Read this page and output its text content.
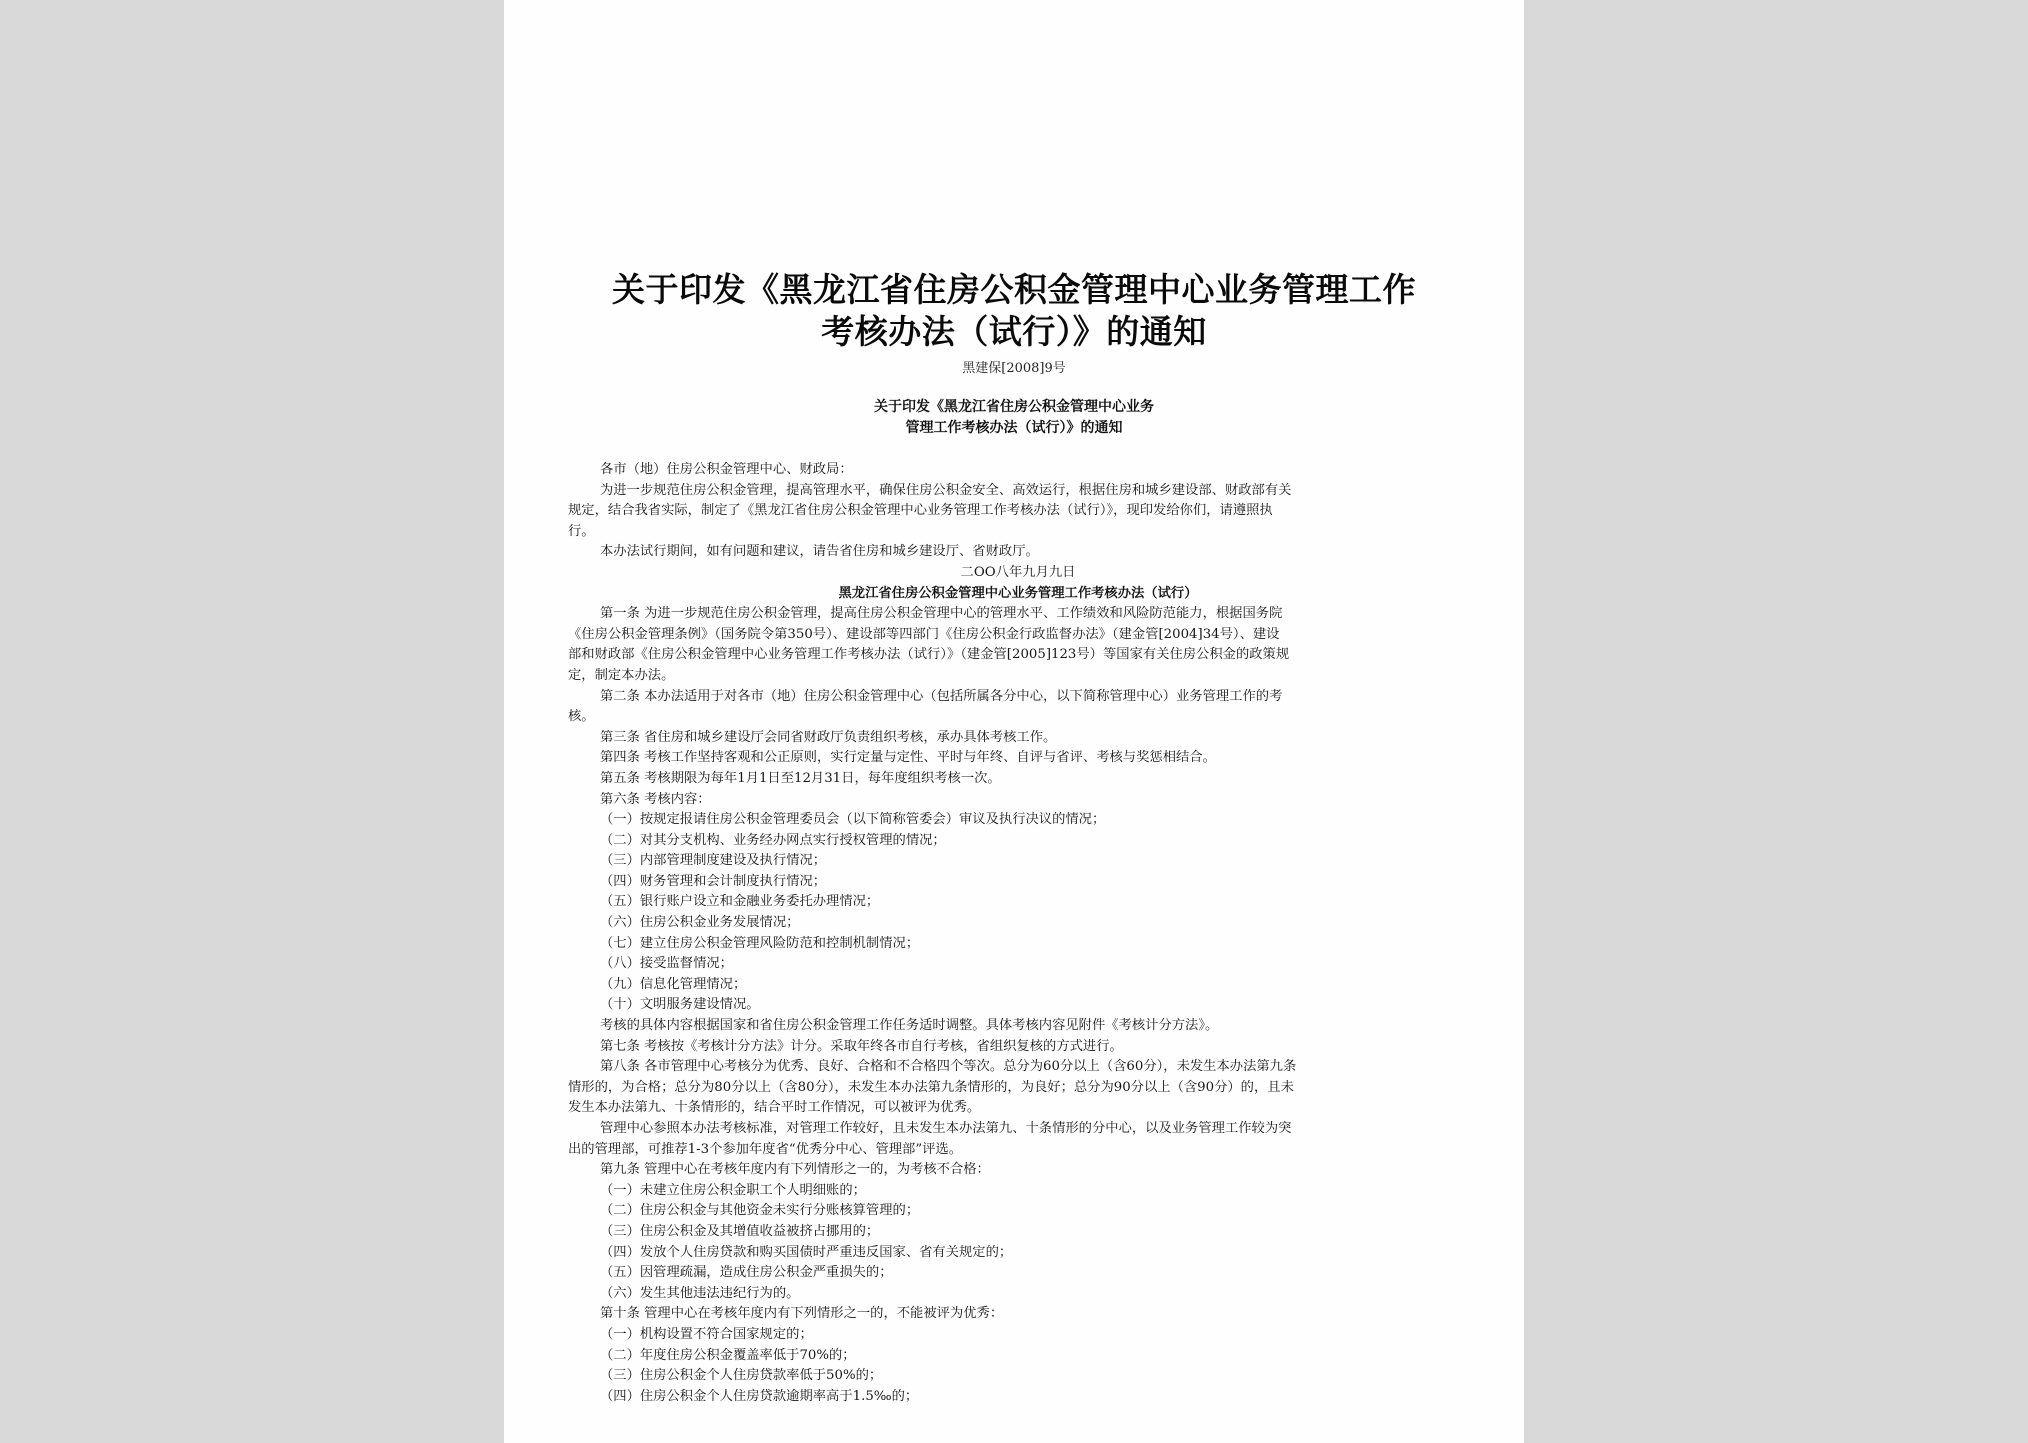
关于印发《黑龙江省住房公积金管理中心业务管理工作
考核办法（试行）》的通知
黑建保[2008]9号
关于印发《黑龙江省住房公积金管理中心业务
管理工作考核办法（试行）》的通知
各市（地）住房公积金管理中心、财政局：
为进一步规范住房公积金管理，提高管理水平，确保住房公积金安全、高效运行，根据住房和城乡建设部、财政部有关
规定，结合我省实际，制定了《黑龙江省住房公积金管理中心业务管理工作考核办法（试行）》，现印发给你们，请遵照执
行。
本办法试行期间，如有问题和建议，请告省住房和城乡建设厅、省财政厅。
二OO八年九月九日
黑龙江省住房公积金管理中心业务管理工作考核办法（试行）
第一条 为进一步规范住房公积金管理，提高住房公积金管理中心的管理水平、工作绩效和风险防范能力，根据国务院
《住房公积金管理条例》（国务院令第350号）、建设部等四部门《住房公积金行政监督办法》（建金管[2004]34号）、建设
部和财政部《住房公积金管理中心业务管理工作考核办法（试行）》（建金管[2005]123号）等国家有关住房公积金的政策规
定，制定本办法。
第二条 本办法适用于对各市（地）住房公积金管理中心（包括所属各分中心，以下简称管理中心）业务管理工作的考
核。
第三条 省住房和城乡建设厅会同省财政厅负责组织考核，承办具体考核工作。
第四条 考核工作坚持客观和公正原则，实行定量与定性、平时与年终、自评与省评、考核与奖惩相结合。
第五条 考核期限为每年1月1日至12月31日，每年度组织考核一次。
第六条 考核内容：
（一）按规定报请住房公积金管理委员会（以下简称管委会）审议及执行决议的情况；
（二）对其分支机构、业务经办网点实行授权管理的情况；
（三）内部管理制度建设及执行情况；
（四）财务管理和会计制度执行情况；
（五）银行账户设立和金融业务委托办理情况；
（六）住房公积金业务发展情况；
（七）建立住房公积金管理风险防范和控制机制情况；
（八）接受监督情况；
（九）信息化管理情况；
（十）文明服务建设情况。
考核的具体内容根据国家和省住房公积金管理工作任务适时调整。具体考核内容见附件《考核计分方法》。
第七条 考核按《考核计分方法》计分。采取年终各市自行考核，省组织复核的方式进行。
第八条 各市管理中心考核分为优秀、良好、合格和不合格四个等次。总分为60分以上（含60分），未发生本办法第九条
情形的，为合格；总分为80分以上（含80分），未发生本办法第九条情形的，为良好；总分为90分以上（含90分）的，且未
发生本办法第九、十条情形的，结合平时工作情况，可以被评为优秀。
管理中心参照本办法考核标准，对管理工作较好，且未发生本办法第九、十条情形的分中心，以及业务管理工作较为突
出的管理部，可推荐1-3个参加年度省“优秀分中心、管理部”评选。
第九条 管理中心在考核年度内有下列情形之一的，为考核不合格：
（一）未建立住房公积金职工个人明细账的；
（二）住房公积金与其他资金未实行分账核算管理的；
（三）住房公积金及其增值收益被挤占挪用的；
（四）发放个人住房贷款和购买国债时严重违反国家、省有关规定的；
（五）因管理疏漏，造成住房公积金严重损失的；
（六）发生其他违法违纪行为的。
第十条 管理中心在考核年度内有下列情形之一的，不能被评为优秀：
（一）机构设置不符合国家规定的；
（二）年度住房公积金覆盖率低于70%的；
（三）住房公积金个人住房贷款率低于50%的；
（四）住房公积金个人住房贷款逾期率高于1.5‰的；
